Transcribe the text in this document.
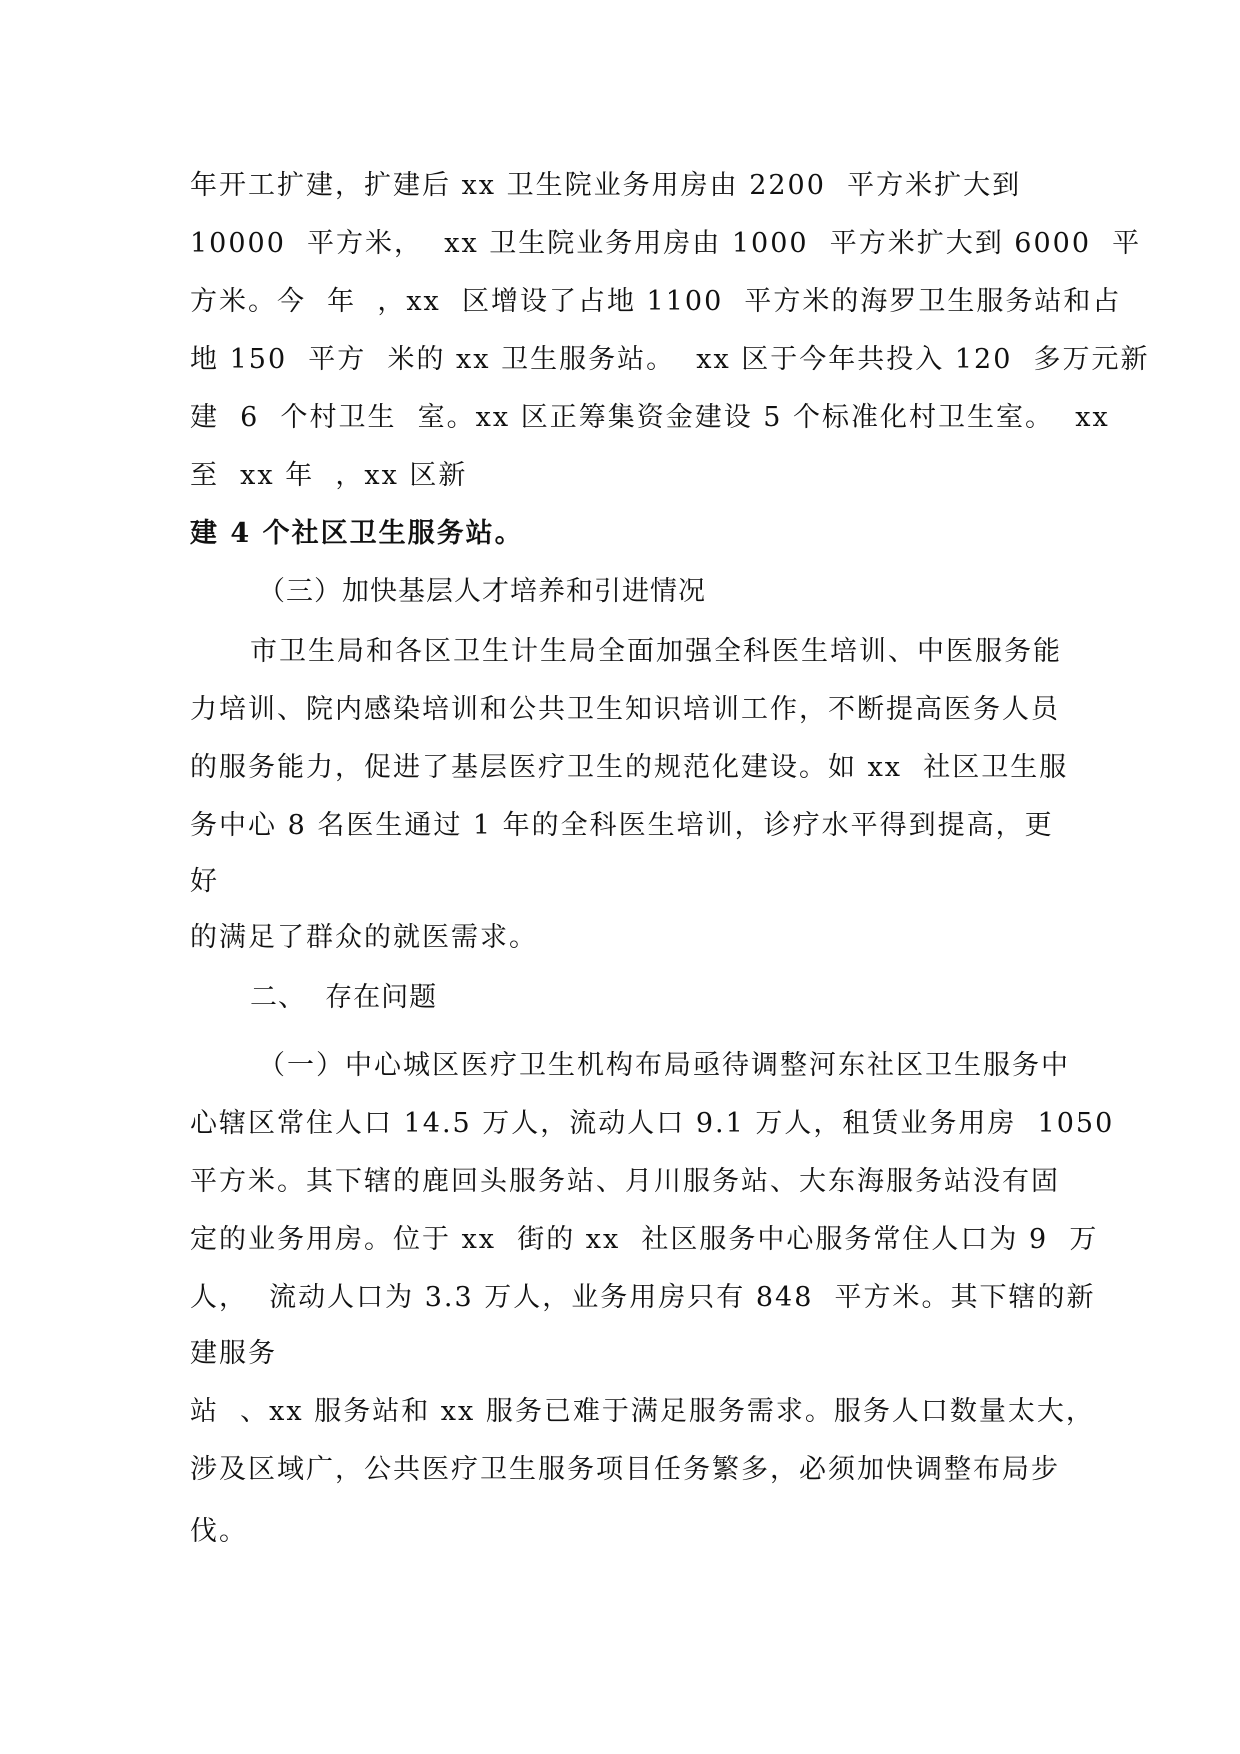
年开工扩建，扩建后 xx 卫生院业务用房由 2200  平方米扩大到
10000  平方米，  xx 卫生院业务用房由 1000  平方米扩大到 6000  平
方米。今  年  ，xx  区增设了占地 1100  平方米的海罗卫生服务站和占
地 150  平方  米的 xx 卫生服务站。  xx 区于今年共投入 120  多万元新
建  6  个村卫生  室。xx 区正筹集资金建设 5 个标准化村卫生室。  xx
至  xx 年  ，xx 区新
建 4 个社区卫生服务站。
（三）加快基层人才培养和引进情况
市卫生局和各区卫生计生局全面加强全科医生培训、中医服务能
力培训、院内感染培训和公共卫生知识培训工作，不断提高医务人员
的服务能力，促进了基层医疗卫生的规范化建设。如 xx  社区卫生服
务中心 8 名医生通过 1 年的全科医生培训，诊疗水平得到提高，更
好
的满足了群众的就医需求。
二、  存在问题
（一）中心城区医疗卫生机构布局亟待调整河东社区卫生服务中
心辖区常住人口 14.5 万人，流动人口 9.1 万人，租赁业务用房  1050
平方米。其下辖的鹿回头服务站、月川服务站、大东海服务站没有固
定的业务用房。位于 xx  街的 xx  社区服务中心服务常住人口为 9  万
人，  流动人口为 3.3 万人，业务用房只有 848  平方米。其下辖的新
建服务
站  、xx 服务站和 xx 服务已难于满足服务需求。服务人口数量太大，
涉及区域广，公共医疗卫生服务项目任务繁多，必须加快调整布局步
伐。
